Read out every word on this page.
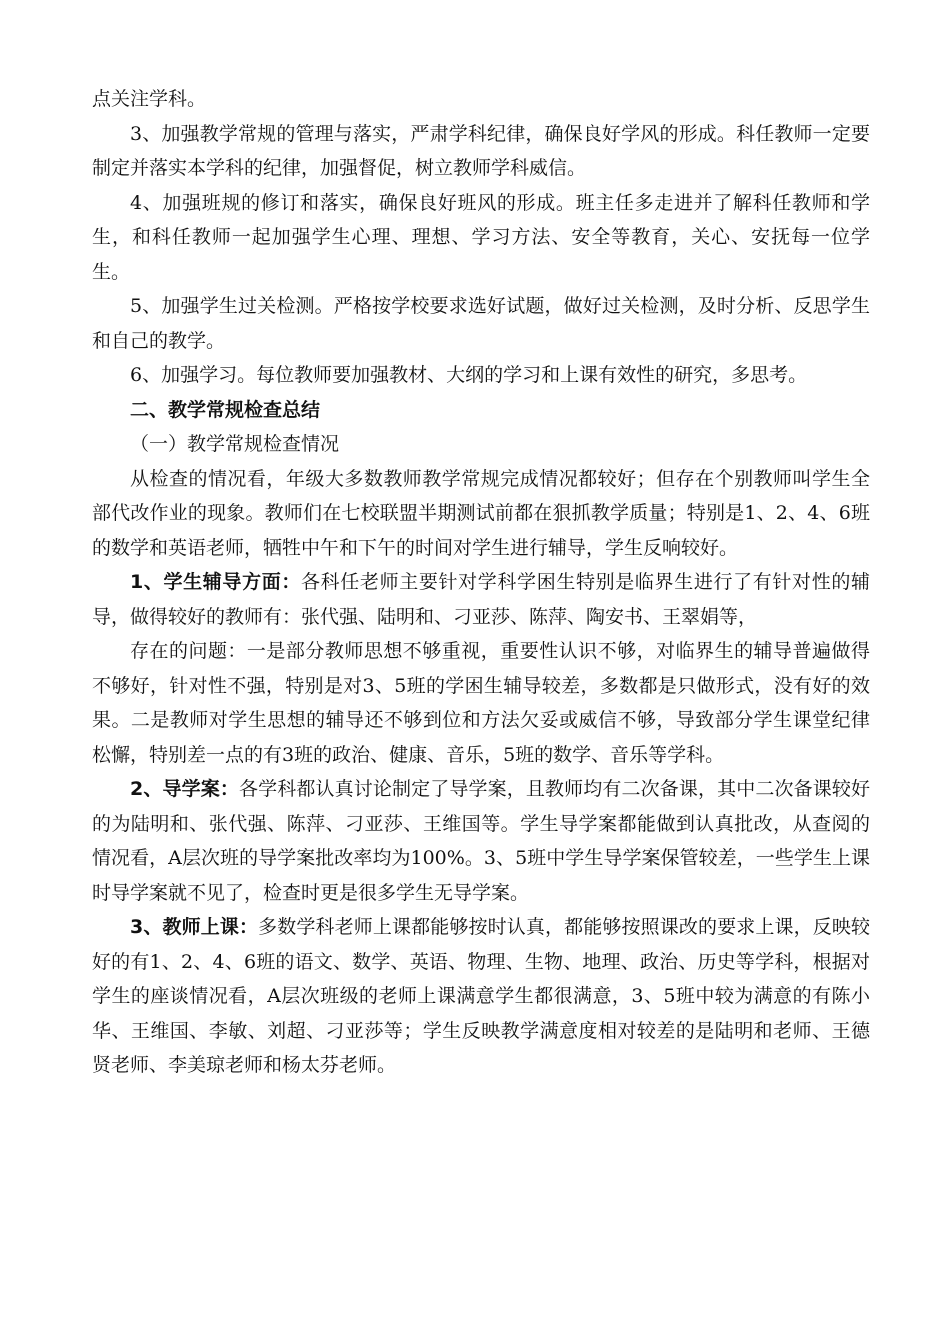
点关注学科。

3、加强教学常规的管理与落实，严肃学科纪律，确保良好学风的形成。科任教师一定要制定并落实本学科的纪律，加强督促，树立教师学科威信。

4、加强班规的修订和落实，确保良好班风的形成。班主任多走进并了解科任教师和学生，和科任教师一起加强学生心理、理想、学习方法、安全等教育，关心、安抚每一位学生。

5、加强学生过关检测。严格按学校要求选好试题，做好过关检测，及时分析、反思学生和自己的教学。

6、加强学习。每位教师要加强教材、大纲的学习和上课有效性的研究，多思考。

二、教学常规检查总结

（一）教学常规检查情况

从检查的情况看，年级大多数教师教学常规完成情况都较好；但存在个别教师叫学生全部代改作业的现象。教师们在七校联盟半期测试前都在狠抓教学质量；特别是1、2、4、6班的数学和英语老师，牺牲中午和下午的时间对学生进行辅导，学生反响较好。

1、学生辅导方面：各科任老师主要针对学科学困生特别是临界生进行了有针对性的辅导，做得较好的教师有：张代强、陆明和、刁亚莎、陈萍、陶安书、王翠娟等，

存在的问题：一是部分教师思想不够重视，重要性认识不够，对临界生的辅导普遍做得不够好，针对性不强，特别是对3、5班的学困生辅导较差，多数都是只做形式，没有好的效果。二是教师对学生思想的辅导还不够到位和方法欠妥或威信不够，导致部分学生课堂纪律松懈，特别差一点的有3班的政治、健康、音乐，5班的数学、音乐等学科。

2、导学案：各学科都认真讨论制定了导学案，且教师均有二次备课，其中二次备课较好的为陆明和、张代强、陈萍、刁亚莎、王维国等。学生导学案都能做到认真批改，从查阅的情况看，A层次班的导学案批改率均为100%。3、5班中学生导学案保管较差，一些学生上课时导学案就不见了，检查时更是很多学生无导学案。

3、教师上课：多数学科老师上课都能够按时认真，都能够按照课改的要求上课，反映较好的有1、2、4、6班的语文、数学、英语、物理、生物、地理、政治、历史等学科，根据对学生的座谈情况看，A层次班级的老师上课满意学生都很满意，3、5班中较为满意的有陈小华、王维国、李敏、刘超、刁亚莎等；学生反映教学满意度相对较差的是陆明和老师、王德贤老师、李美琼老师和杨太芬老师。
